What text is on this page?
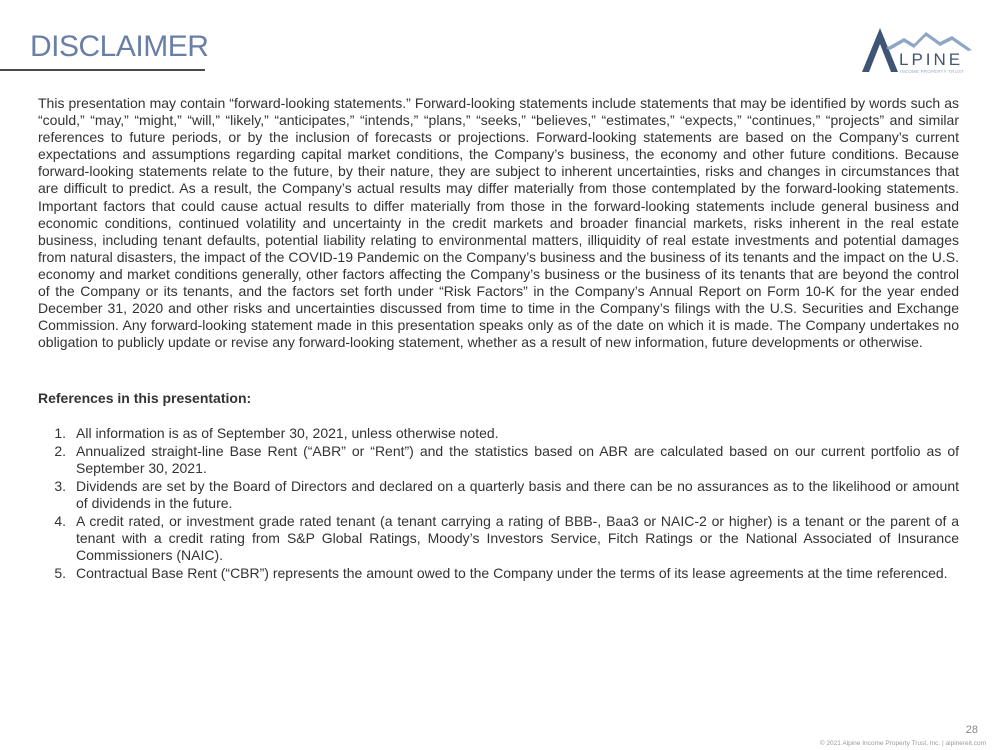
DISCLAIMER	LPINE
INCOME PROPERTY TRUST

This presentation may contain “forward-looking statements.” Forward-looking statements include statements that may be identified by words such as “could,” “may,” “might,” “will,” “likely,” “anticipates,” “intends,” “plans,” “seeks,” “believes,” “estimates,” “expects,” “continues,” “projects” and similar references to future periods, or by the inclusion of forecasts or projections. Forward-looking statements are based on the Company’s current expectations and assumptions regarding capital market conditions, the Company’s business, the economy and other future conditions. Because forward-looking statements relate to the future, by their nature, they are subject to inherent uncertainties, risks and changes in circumstances that are difficult to predict. As a result, the Company’s actual results may differ materially from those contemplated by the forward-looking statements. Important factors that could cause actual results to differ materially from those in the forward-looking statements include general business and economic conditions, continued volatility and uncertainty in the credit markets and broader financial markets, risks inherent in the real estate business, including tenant defaults, potential liability relating to environmental matters, illiquidity of real estate investments and potential damages from natural disasters, the impact of the COVID-19 Pandemic on the Company’s business and the business of its tenants and the impact on the U.S. economy and market conditions generally, other factors affecting the Company’s business or the business of its tenants that are beyond the control of the Company or its tenants, and the factors set forth under “Risk Factors” in the Company’s Annual Report on Form 10-K for the year ended December 31, 2020 and other risks and uncertainties discussed from time to time in the Company’s filings with the U.S. Securities and Exchange Commission. Any forward-looking statement made in this presentation speaks only as of the date on which it is made. The Company undertakes no obligation to publicly update or revise any forward-looking statement, whether as a result of new information, future developments or otherwise.

References in this presentation:

1. All information is as of September 30, 2021, unless otherwise noted.
2. Annualized straight-line Base Rent (“ABR” or “Rent”) and the statistics based on ABR are calculated based on our current portfolio as of September 30, 2021.
3. Dividends are set by the Board of Directors and declared on a quarterly basis and there can be no assurances as to the likelihood or amount of dividends in the future.
4. A credit rated, or investment grade rated tenant (a tenant carrying a rating of BBB-, Baa3 or NAIC-2 or higher) is a tenant or the parent of a tenant with a credit rating from S&P Global Ratings, Moody’s Investors Service, Fitch Ratings or the National Associated of Insurance Commissioners (NAIC).
5. Contractual Base Rent (“CBR”) represents the amount owed to the Company under the terms of its lease agreements at the time referenced.
28
© 2021 Alpine Income Property Trust, Inc. | alpinereit.com
